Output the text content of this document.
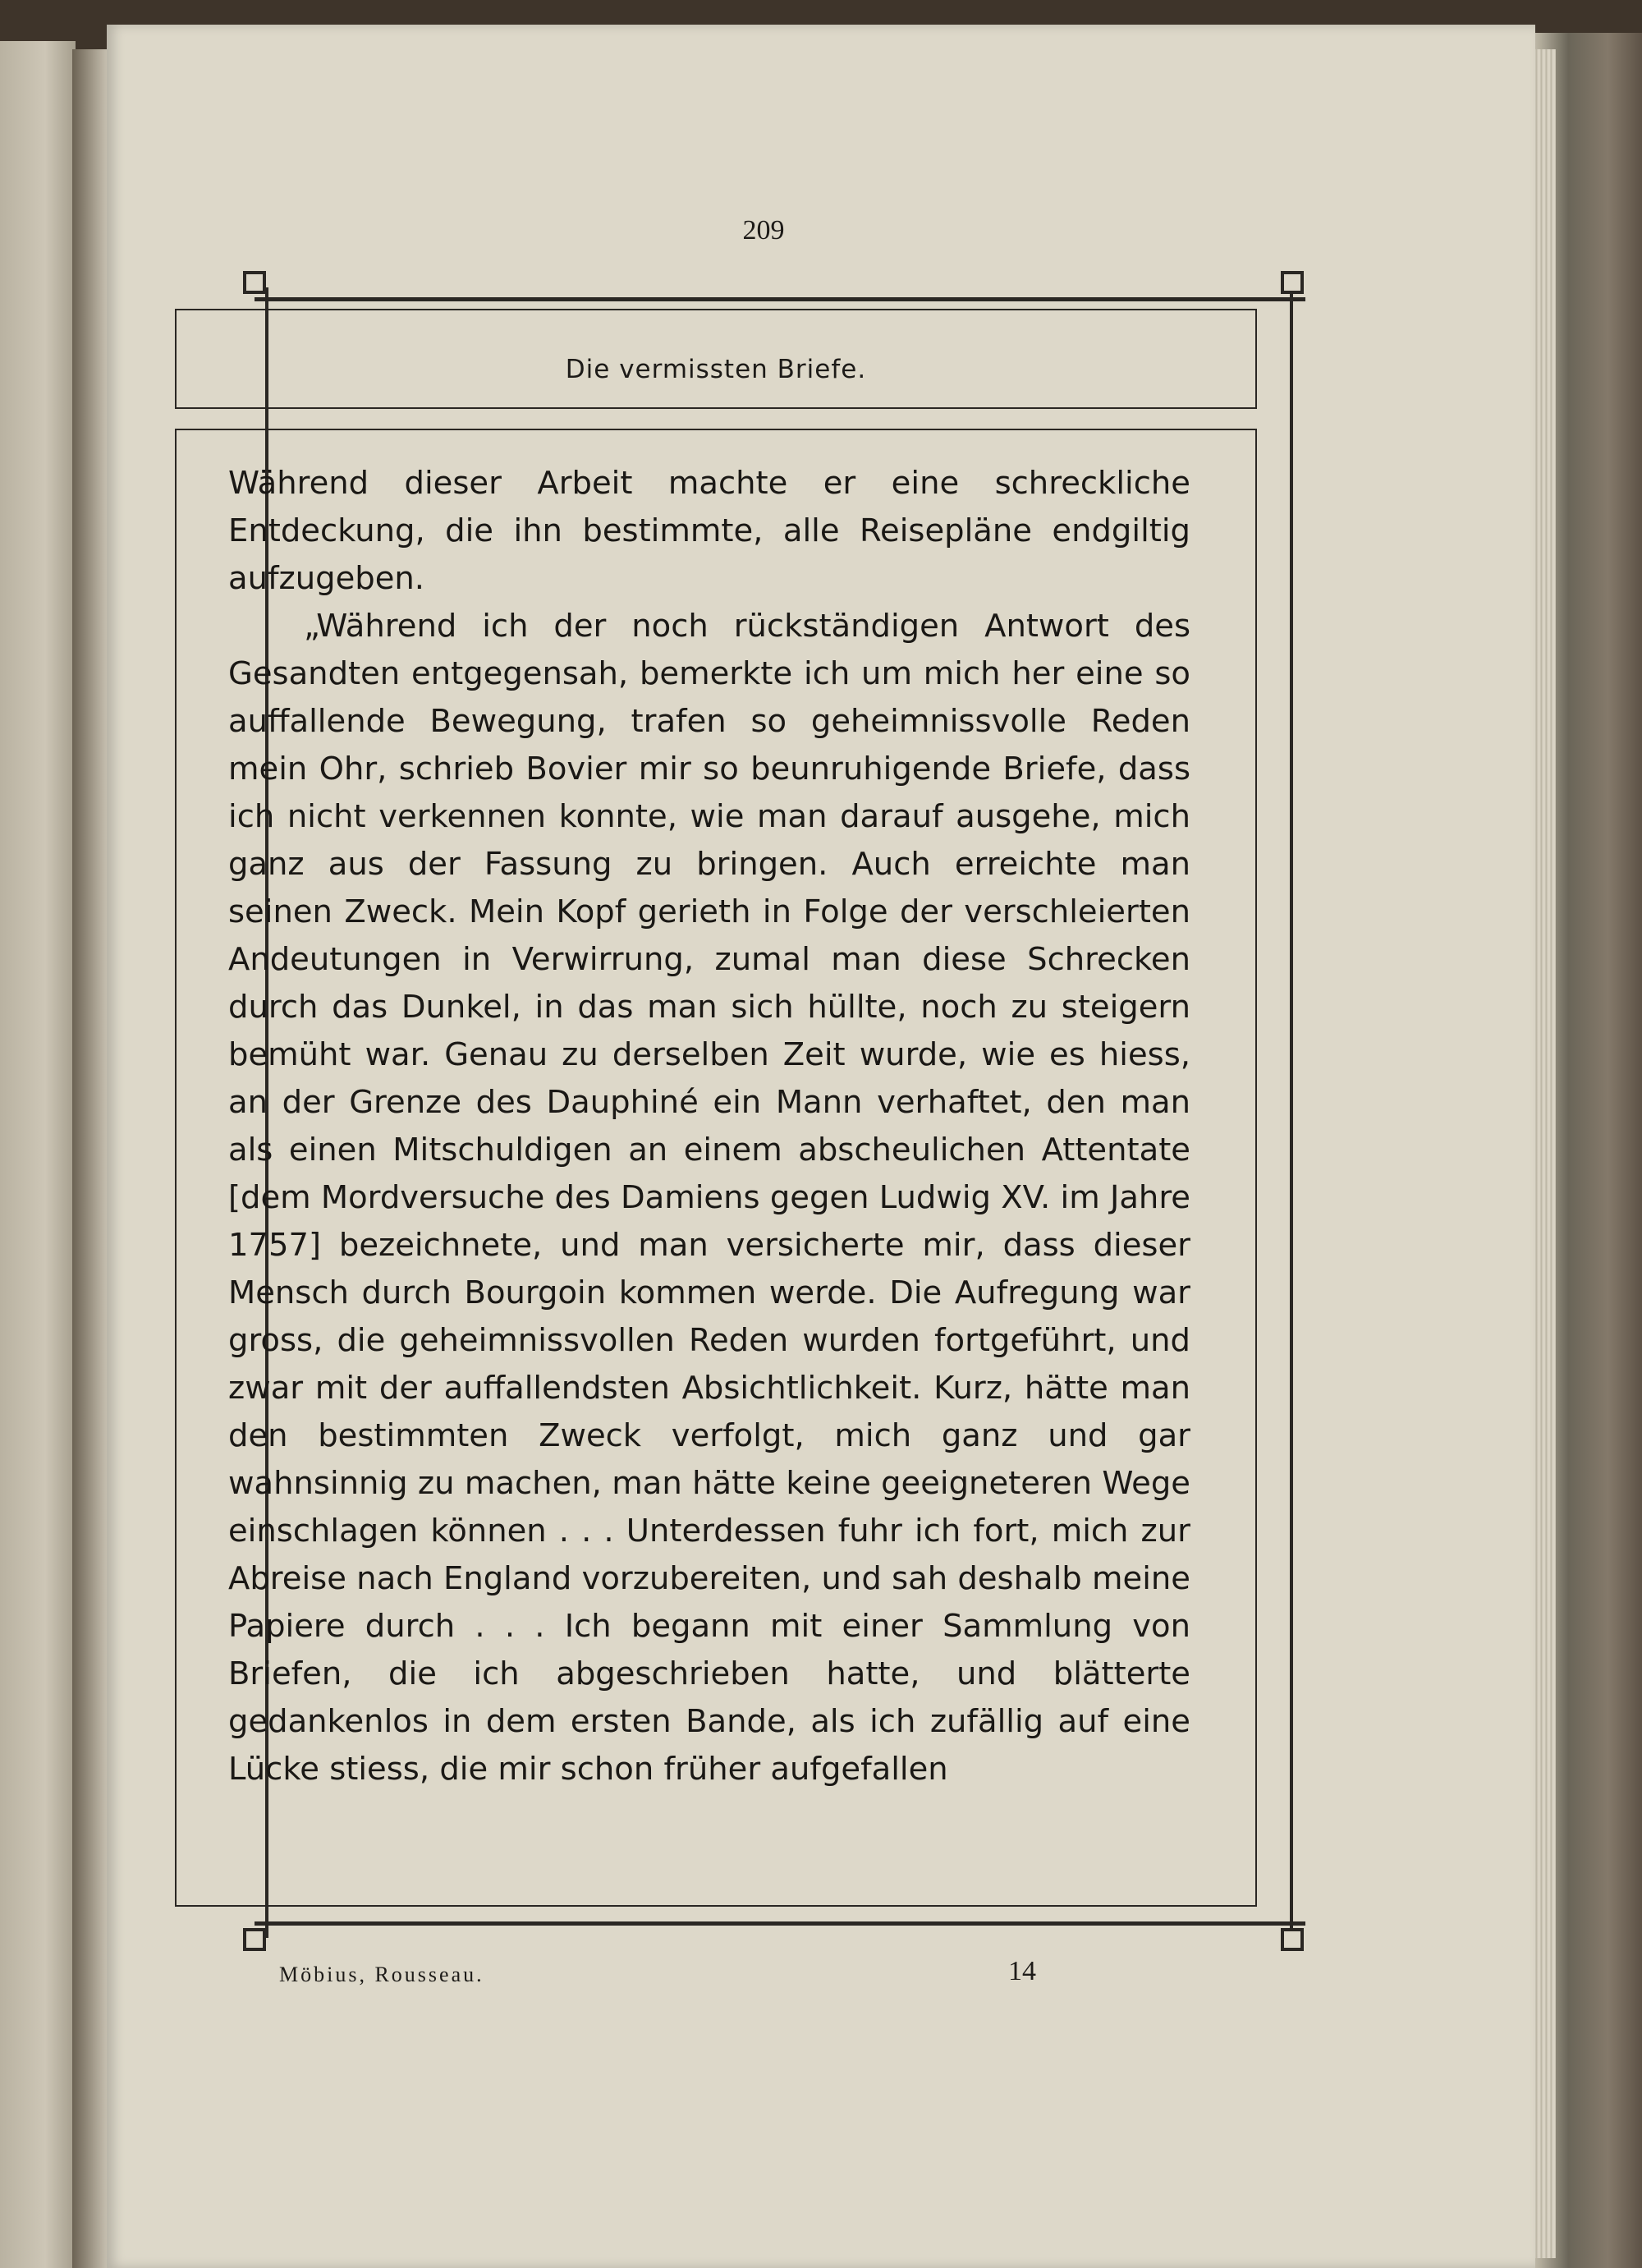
209
Die vermissten Briefe.

Während dieser Arbeit machte er eine schreckliche Entdeckung, die ihn bestimmte, alle Reisepläne endgiltig aufzugeben.

„Während ich der noch rückständigen Antwort des Gesandten entgegensah, bemerkte ich um mich her eine so auffallende Bewegung, trafen so geheimnissvolle Reden mein Ohr, schrieb Bovier mir so beunruhigende Briefe, dass ich nicht verkennen konnte, wie man darauf ausgehe, mich ganz aus der Fassung zu bringen. Auch erreichte man seinen Zweck. Mein Kopf gerieth in Folge der verschleierten Andeutungen in Verwirrung, zumal man diese Schrecken durch das Dunkel, in das man sich hüllte, noch zu steigern bemüht war. Genau zu derselben Zeit wurde, wie es hiess, an der Grenze des Dauphiné ein Mann verhaftet, den man als einen Mitschuldigen an einem abscheulichen Attentate [dem Mordversuche des Damiens gegen Ludwig XV. im Jahre 1757] bezeichnete, und man versicherte mir, dass dieser Mensch durch Bourgoin kommen werde. Die Aufregung war gross, die geheimnissvollen Reden wurden fortgeführt, und zwar mit der auffallendsten Absichtlichkeit. Kurz, hätte man den bestimmten Zweck verfolgt, mich ganz und gar wahnsinnig zu machen, man hätte keine geeigneteren Wege einschlagen können . . . Unterdessen fuhr ich fort, mich zur Abreise nach England vorzubereiten, und sah deshalb meine Papiere durch . . . Ich begann mit einer Sammlung von Briefen, die ich abgeschrieben hatte, und blätterte gedankenlos in dem ersten Bande, als ich zufällig auf eine Lücke stiess, die mir schon früher aufgefallen

Möbius, Rousseau.	14
